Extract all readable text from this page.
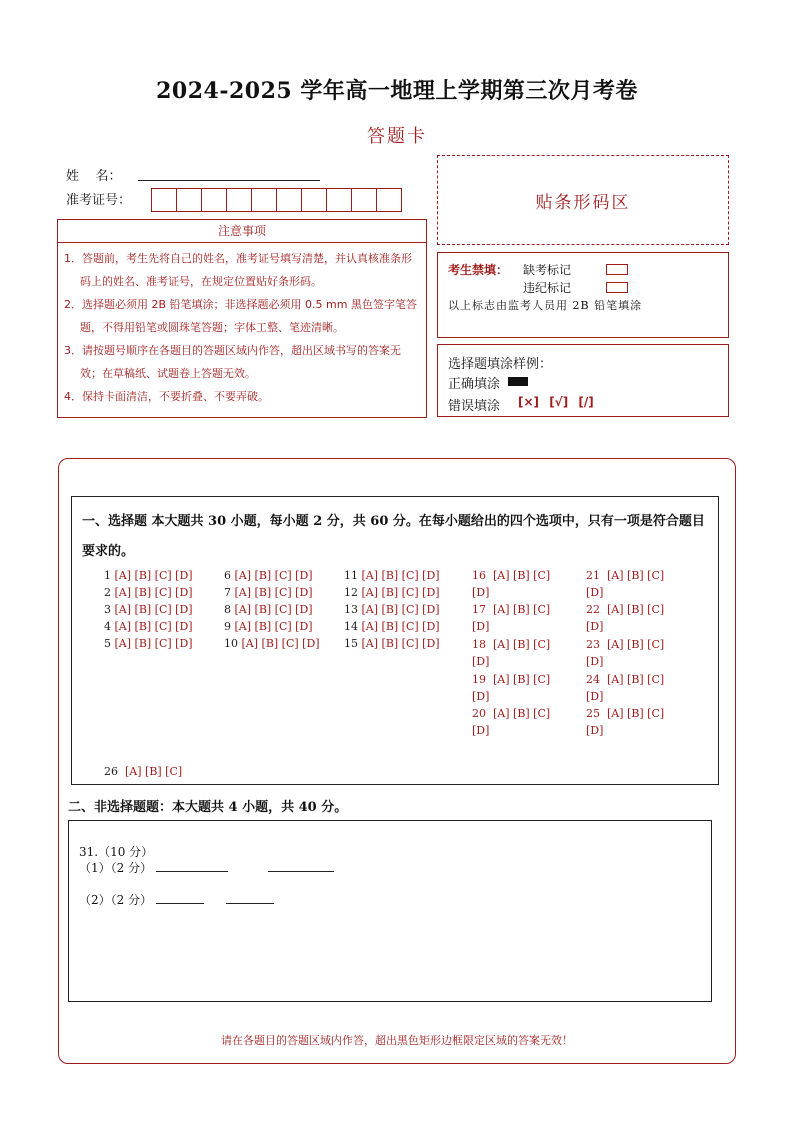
2024-2025 学年高一地理上学期第三次月考卷
答题卡
姓    名：
准考证号：	贴条形码区
注意事项

1．答题前，考生先将自己的姓名，准考证号填写清楚，并认真核准条形码上的姓名、准考证号，在规定位置贴好条形码。

2．选择题必须用 2B 铅笔填涂；非选择题必须用 0.5 mm 黑色签字笔答题，不得用铅笔或圆珠笔答题；字体工整、笔迹清晰。

3．请按题号顺序在各题目的答题区域内作答，超出区域书写的答案无效；在草稿纸、试题卷上答题无效。

4．保持卡面清洁，不要折叠、不要弄破。

考生禁填： 缺考标记
违纪标记
以上标志由监考人员用 2B 铅笔填涂
选择题填涂样例：
正确填涂
错误填涂 [×] [√] [/]
一、选择题 本大题共 30 小题，每小题 2 分，共 60 分。在每小题给出的四个选项中，只有一项是符合题目要求的。
1 [A] [B] [C] [D]
2 [A] [B] [C] [D]
3 [A] [B] [C] [D]
4 [A] [B] [C] [D]
5 [A] [B] [C] [D]
6 [A] [B] [C] [D]
7 [A] [B] [C] [D]
8 [A] [B] [C] [D]
9 [A] [B] [C] [D]
10 [A] [B] [C] [D]
11 [A] [B] [C] [D]
12 [A] [B] [C] [D]
13 [A] [B] [C] [D]
14 [A] [B] [C] [D]
15 [A] [B] [C] [D]
16 [A] [B] [C]
[D]
17 [A] [B] [C]
[D]
18 [A] [B] [C]
[D]
19 [A] [B] [C]
[D]
20 [A] [B] [C]
[D]
21 [A] [B] [C]
[D]
22 [A] [B] [C]
[D]
23 [A] [B] [C]
[D]
24 [A] [B] [C]
[D]
25 [A] [B] [C]
[D]
26 [A] [B] [C]
二、非选择题题：本大题共 4 小题，共 40 分。
31.（10 分）
（1）（2 分）
（2）（2 分）
请在各题目的答题区域内作答，超出黑色矩形边框限定区域的答案无效！
